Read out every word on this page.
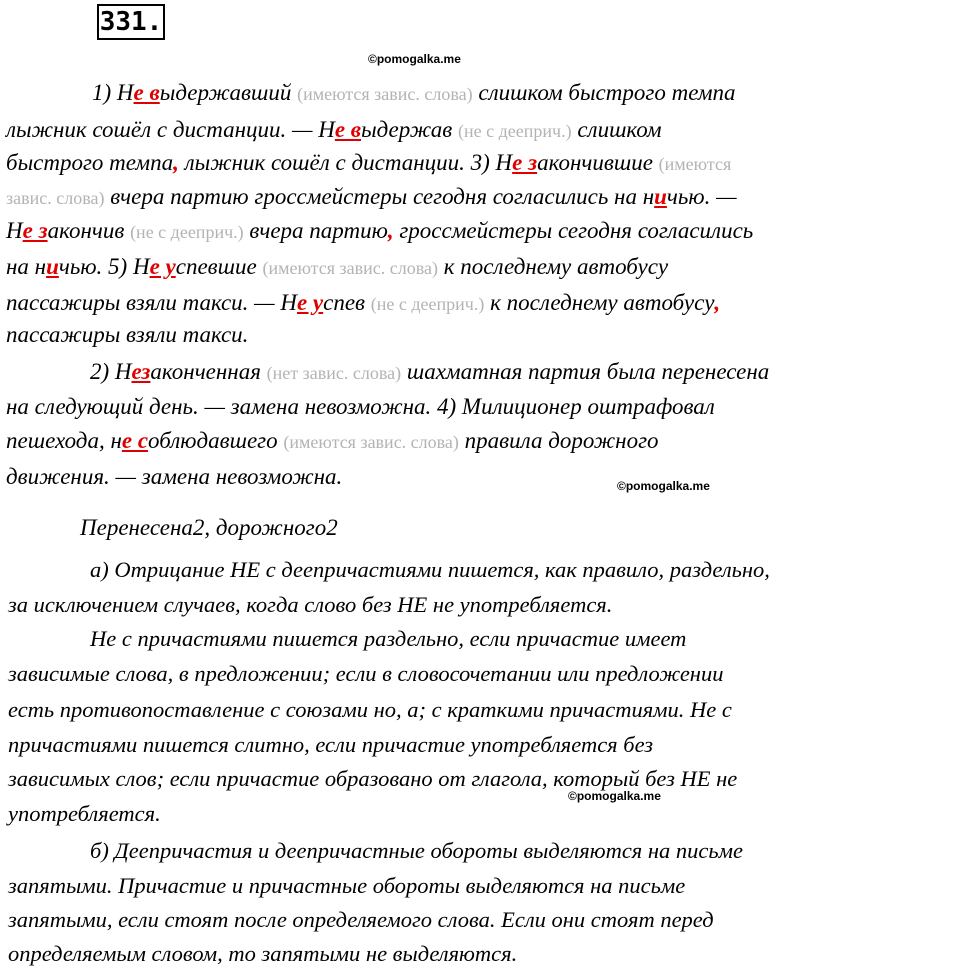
331.
©pomogalka.me
1) Не выдержавший (имеются завис. слова) слишком быстрого темпа
лыжник сошёл с дистанции. — Не выдержав (не с дееприч.) слишком
быстрого темпа, лыжник сошёл с дистанции. 3) Не закончившие (имеются
завис. слова) вчера партию гроссмейстеры сегодня согласились на ничью. —
Не закончив (не с дееприч.) вчера партию, гроссмейстеры сегодня согласились
на ничью. 5) Не успевшие (имеются завис. слова) к последнему автобусу
пассажиры взяли такси. — Не успев (не с дееприч.) к последнему автобусу,
пассажиры взяли такси.
2) Незаконченная (нет завис. слова) шахматная партия была перенесена
на следующий день. — замена невозможна. 4) Милиционер оштрафовал
пешехода, не соблюдавшего (имеются завис. слова) правила дорожного
движения. — замена невозможна.	©pomogalka.me
Перенесена2, дорожного2
а) Отрицание НЕ с деепричастиями пишется, как правило, раздельно,
за исключением случаев, когда слово без НЕ не употребляется.
Не с причастиями пишется раздельно, если причастие имеет
зависимые слова, в предложении; если в словосочетании или предложении
есть противопоставление с союзами но, а; с краткими причастиями. Не с
причастиями пишется слитно, если причастие употребляется без
зависимых слов; если причастие образовано от глагола, который без НЕ не
употребляется.
©pomogalka.me
б) Деепричастия и деепричастные обороты выделяются на письме
запятыми. Причастие и причастные обороты выделяются на письме
запятыми, если стоят после определяемого слова. Если они стоят перед
определяемым словом, то запятыми не выделяются.
